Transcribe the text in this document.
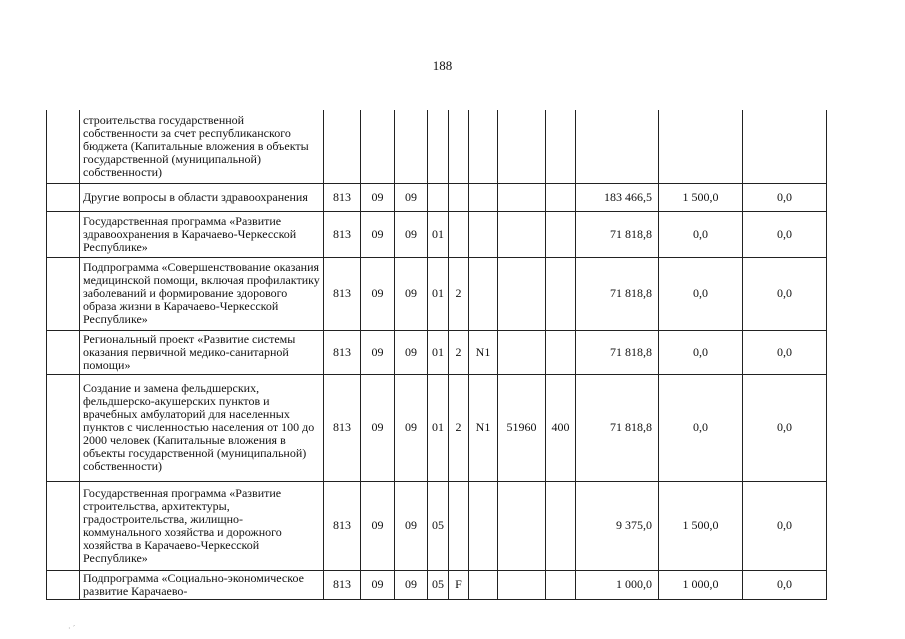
188
	строительства государственной собственности за счет республиканского бюджета (Капитальные вложения в объекты государственной (муниципальной) собственности)											
	Другие вопросы в области здравоохранения	813	09	09						183 466,5	1 500,0	0,0
	Государственная программа «Развитие здравоохранения в Карачаево-Черкесской Республике»	813	09	09	01					71 818,8	0,0	0,0
	Подпрограмма «Совершенствование оказания медицинской помощи, включая профилактику заболеваний и формирование здорового образа жизни в Карачаево-Черкесской Республике»	813	09	09	01	2				71 818,8	0,0	0,0
	Региональный проект «Развитие системы оказания первичной медико-санитарной помощи»	813	09	09	01	2	N1			71 818,8	0,0	0,0
	Создание и замена фельдшерских, фельдшерско-акушерских пунктов и врачебных амбулаторий для населенных пунктов с численностью населения от 100 до 2000 человек (Капитальные вложения в объекты государственной (муниципальной) собственности)	813	09	09	01	2	N1	51960	400	71 818,8	0,0	0,0
	Государственная программа «Развитие строительства, архитектуры, градостроительства, жилищно-коммунального хозяйства и дорожного хозяйства в Карачаево-Черкесской Республике»	813	09	09	05					9 375,0	1 500,0	0,0
	Подпрограмма «Социально-экономическое развитие Карачаево-	813	09	09	05	F				1 000,0	1 000,0	0,0
· ´
